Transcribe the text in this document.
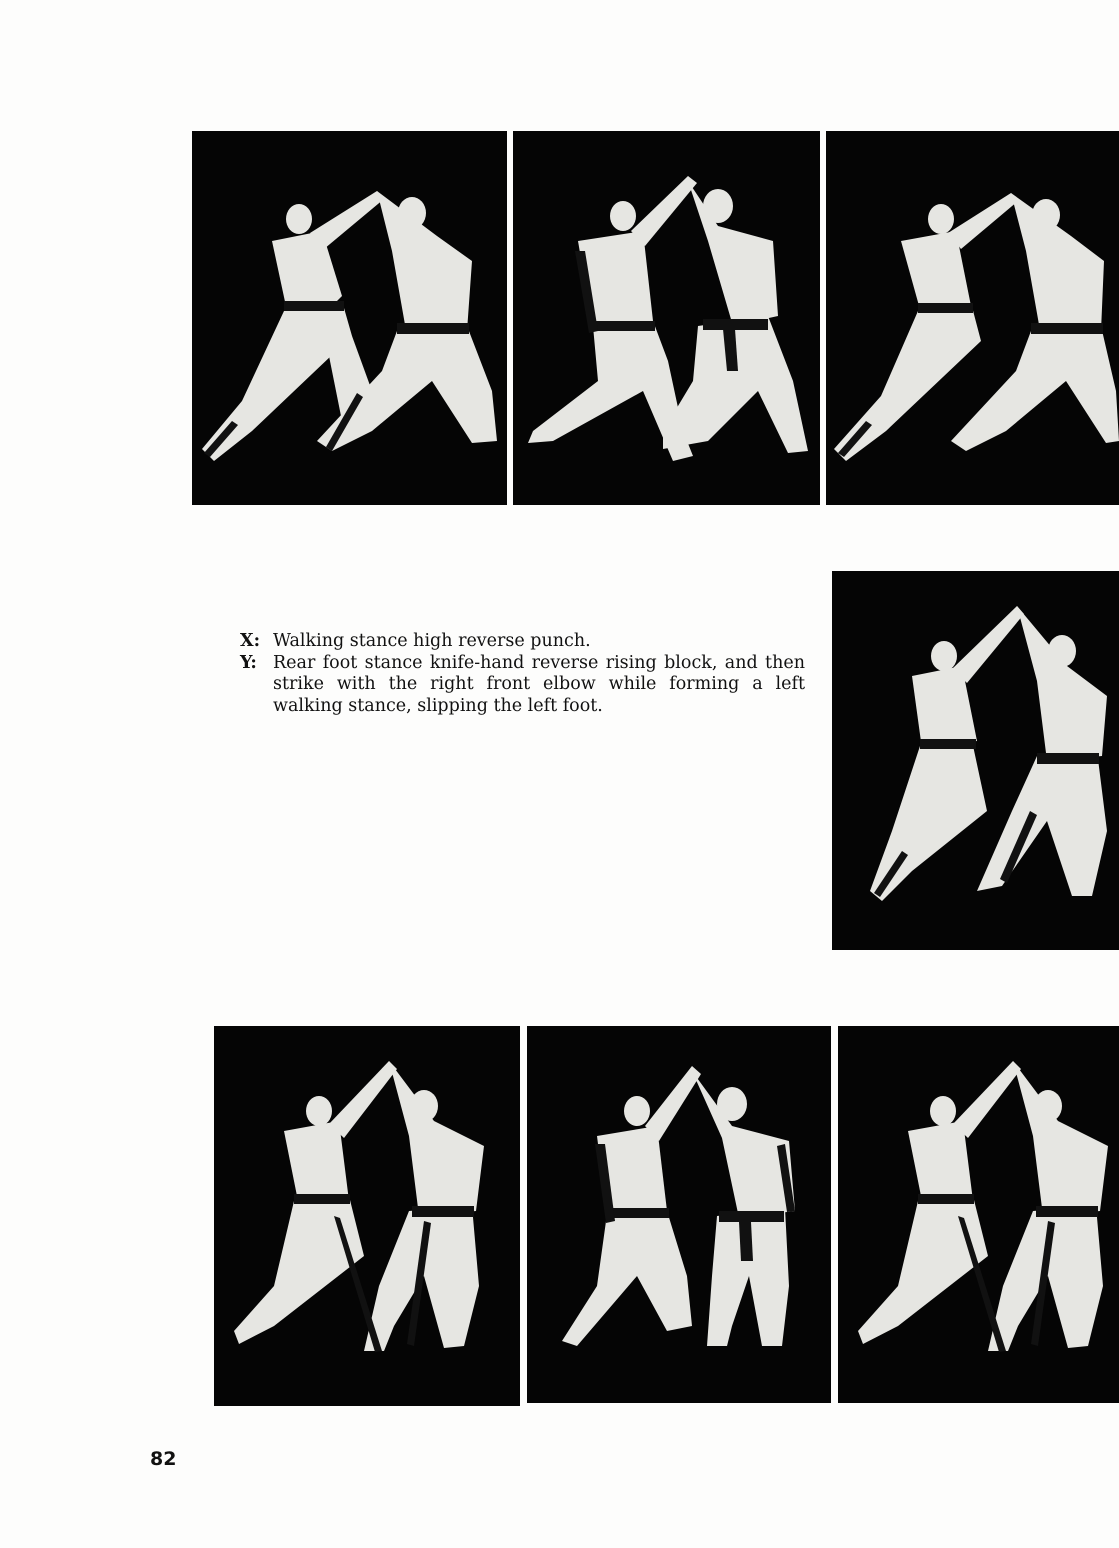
X: Walking stance high reverse punch.
Y: Rear foot stance knife-hand reverse rising block, and then strike with the right front elbow while forming a left walking stance, slipping the left foot.
82
